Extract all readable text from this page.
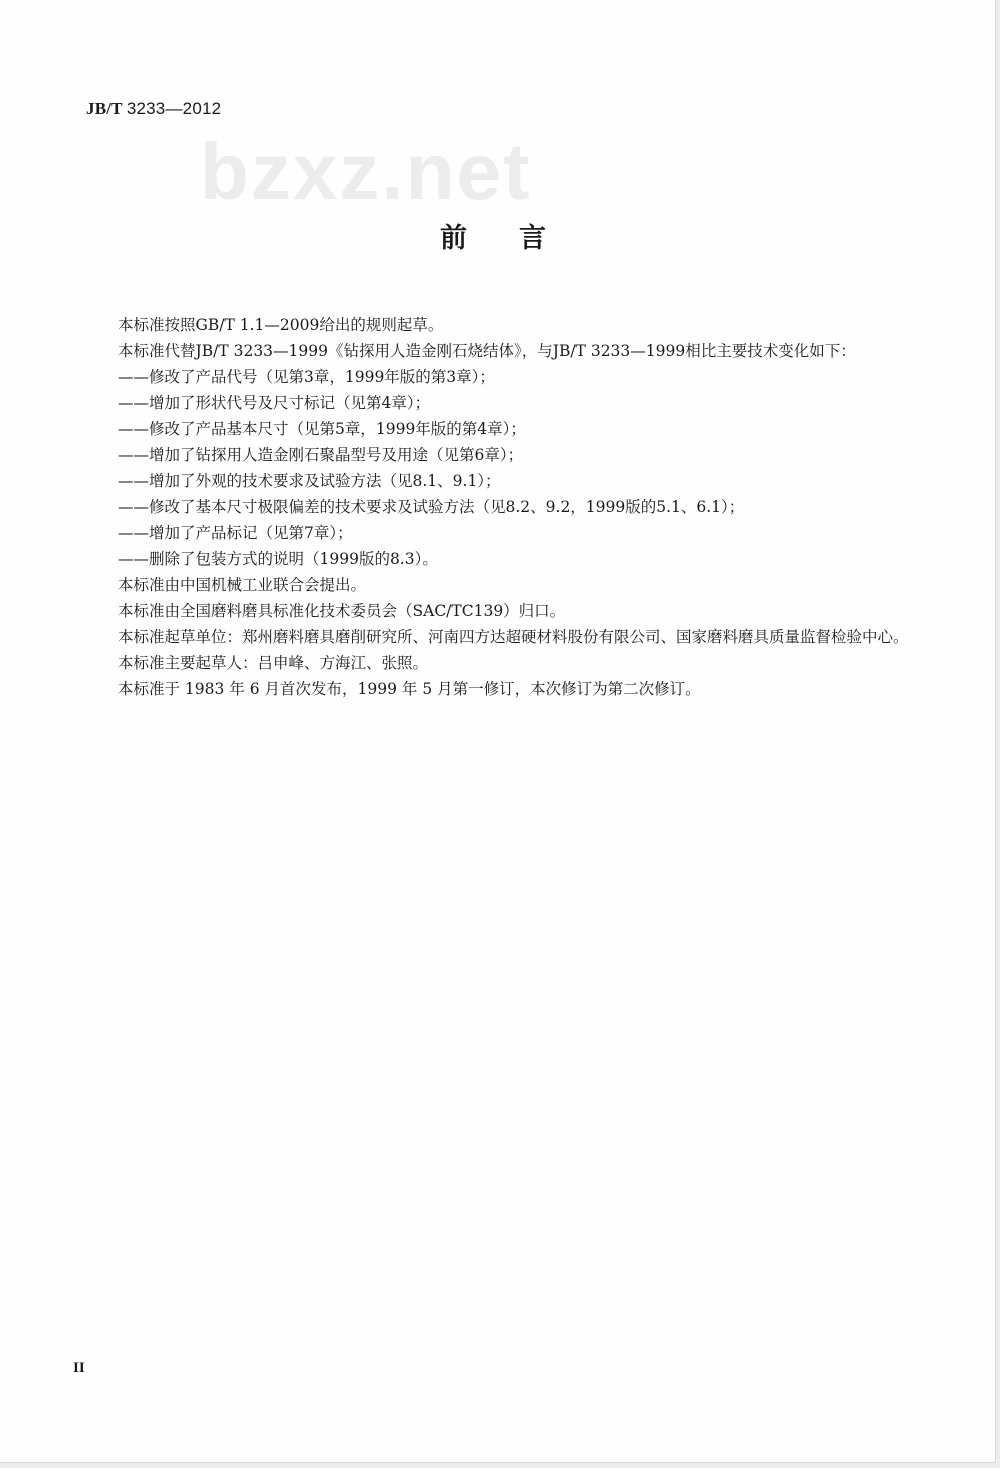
JB/T 3233—2012
bzxz.net
前 言

本标准按照GB/T 1.1—2009给出的规则起草。

本标准代替JB/T 3233—1999《钻探用人造金刚石烧结体》，与JB/T 3233—1999相比主要技术变化如下：

——修改了产品代号（见第3章，1999年版的第3章）；

——增加了形状代号及尺寸标记（见第4章）；

——修改了产品基本尺寸（见第5章，1999年版的第4章）；

——增加了钻探用人造金刚石聚晶型号及用途（见第6章）；

——增加了外观的技术要求及试验方法（见8.1、9.1）；

——修改了基本尺寸极限偏差的技术要求及试验方法（见8.2、9.2，1999版的5.1、6.1）；

——增加了产品标记（见第7章）；

——删除了包装方式的说明（1999版的8.3）。

本标准由中国机械工业联合会提出。

本标准由全国磨料磨具标准化技术委员会（SAC/TC139）归口。

本标准起草单位：郑州磨料磨具磨削研究所、河南四方达超硬材料股份有限公司、国家磨料磨具质量监督检验中心。

本标准主要起草人：吕申峰、方海江、张照。

本标准于 1983 年 6 月首次发布，1999 年 5 月第一修订，本次修订为第二次修订。

II
